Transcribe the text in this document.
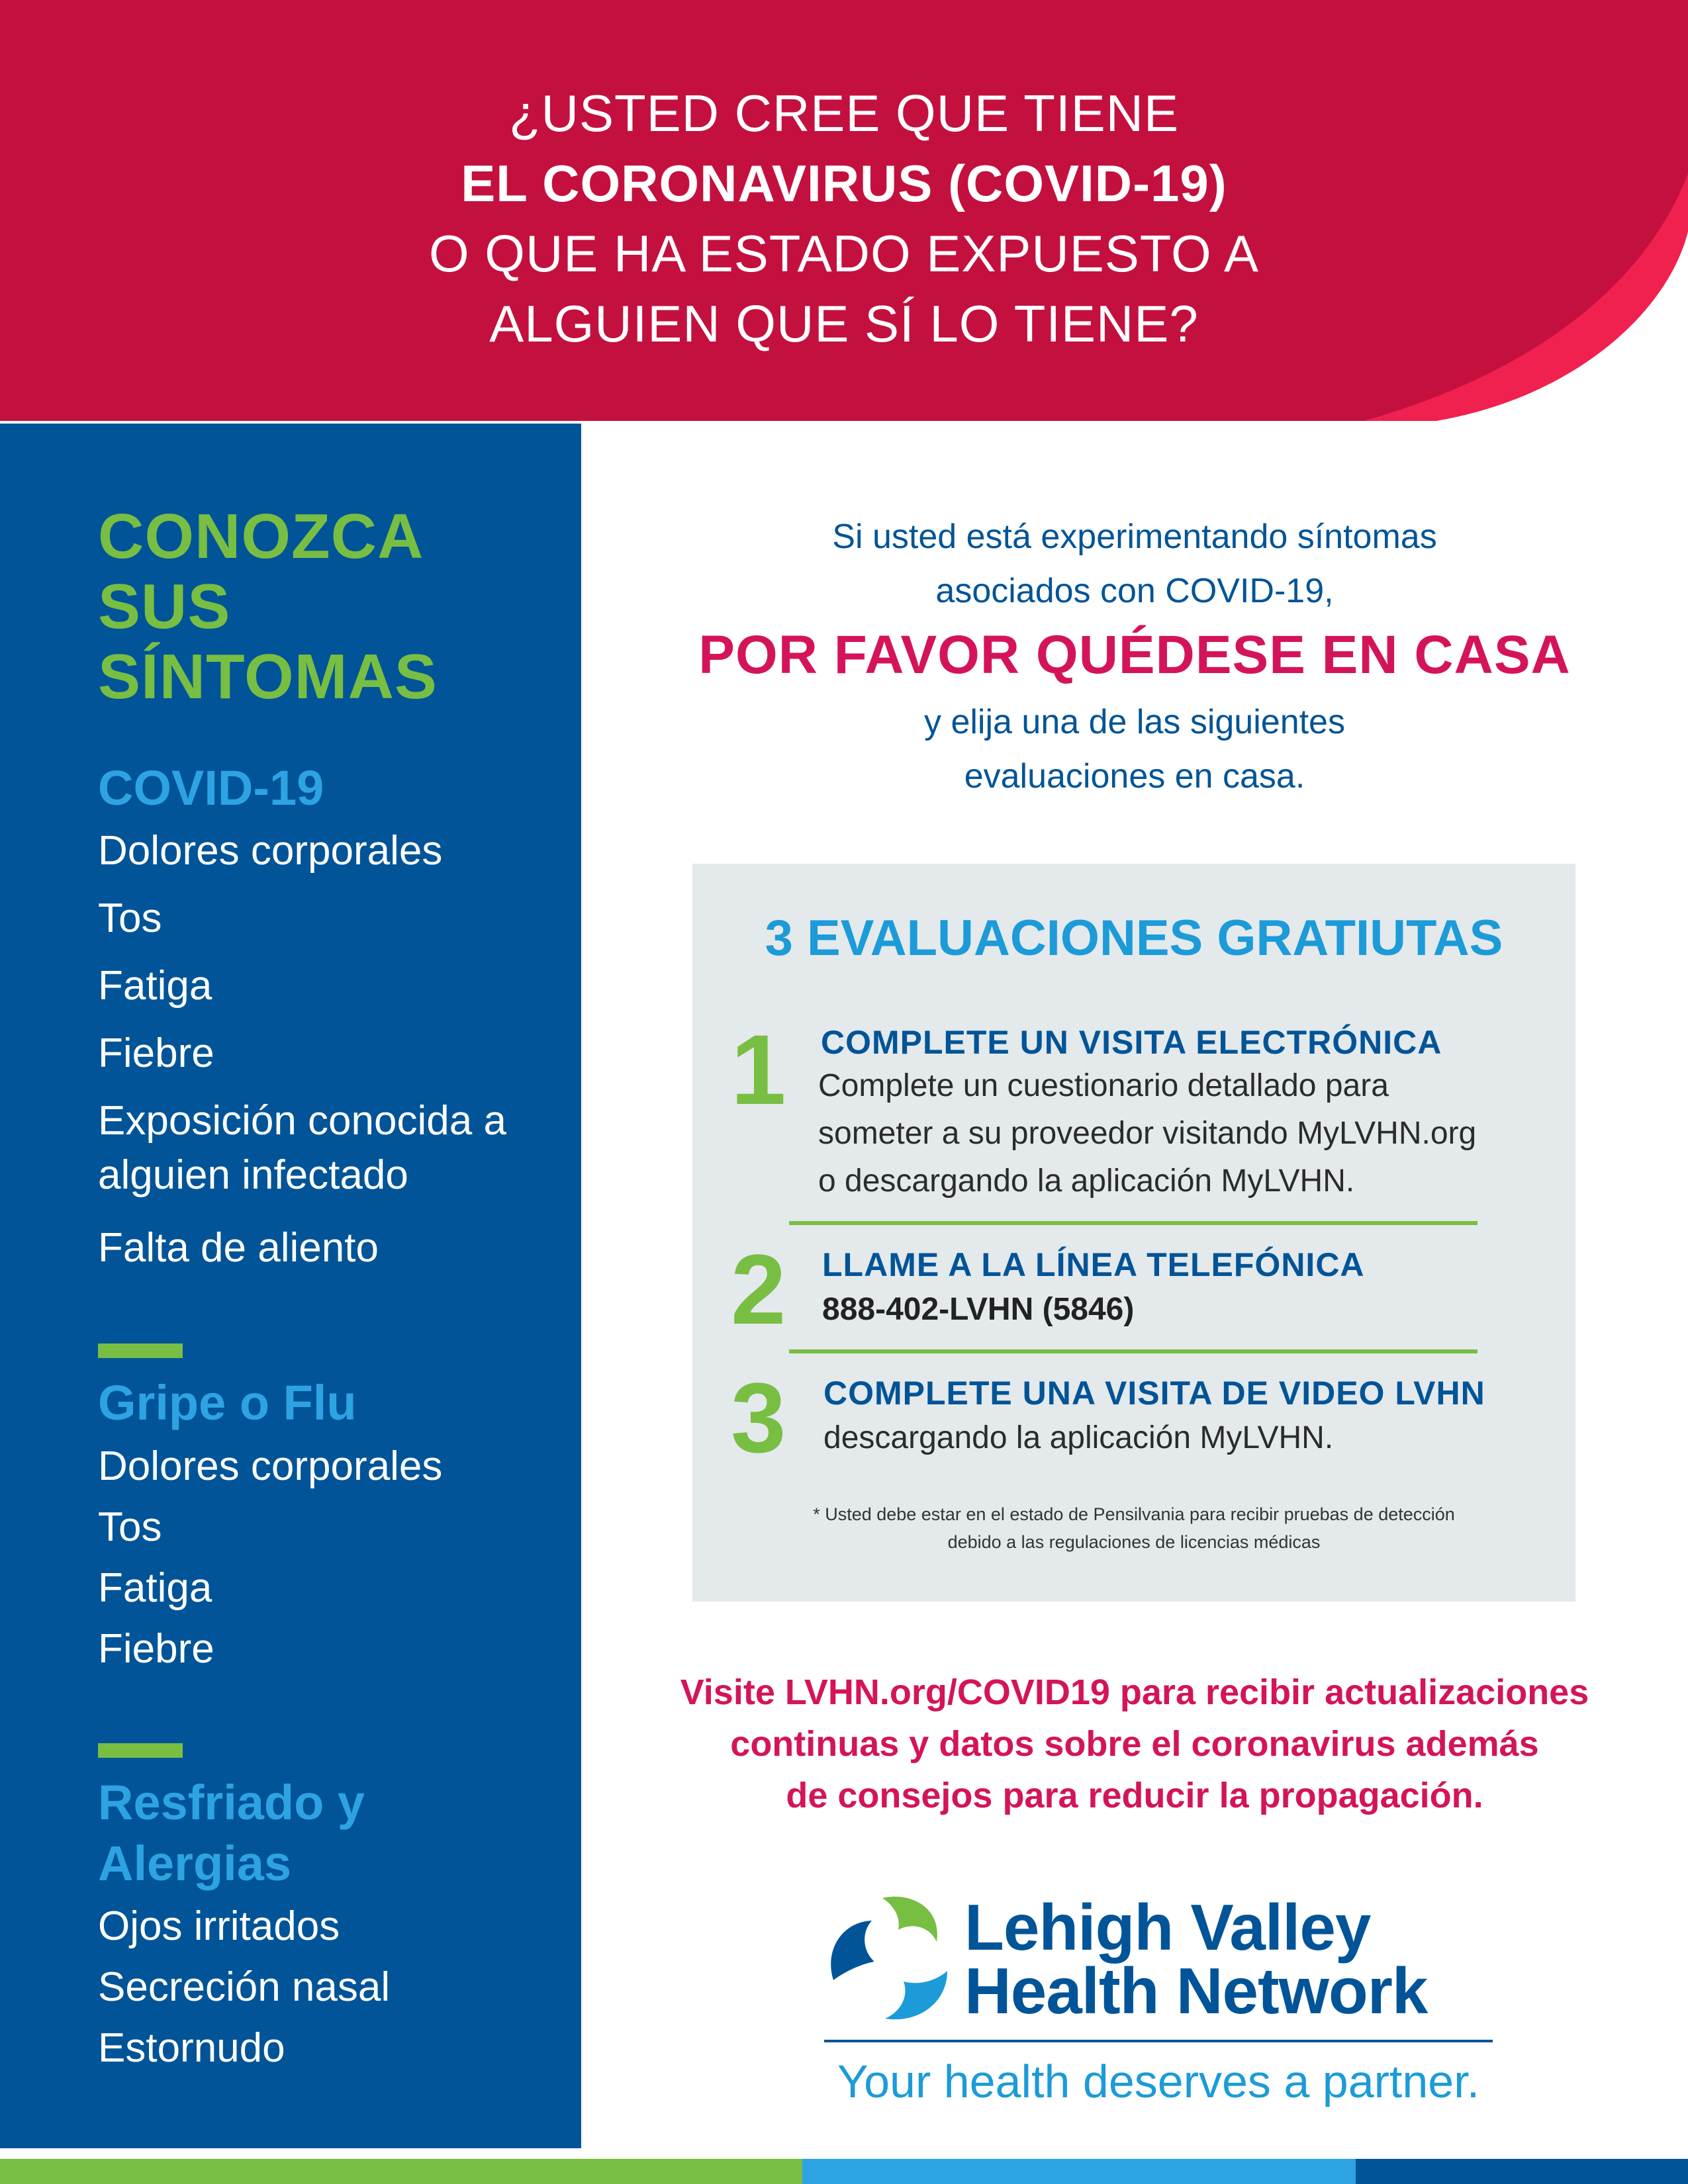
¿USTED CREE QUE TIENE
EL CORONAVIRUS (COVID-19)
O QUE HA ESTADO EXPUESTO A
ALGUIEN QUE SÍ LO TIENE?
CONOZCA
SUS
SÍNTOMAS
COVID-19
Dolores corporales
Tos
Fatiga
Fiebre
Exposición conocida a
alguien infectado
Falta de aliento
Gripe o Flu
Dolores corporales
Tos
Fatiga
Fiebre
Resfriado y
Alergias
Ojos irritados
Secreción nasal
Estornudo
Si usted está experimentando síntomas
asociados con COVID-19,
POR FAVOR QUÉDESE EN CASA
y elija una de las siguientes
evaluaciones en casa.
3 EVALUACIONES GRATIUTAS
1 COMPLETE UN VISITA ELECTRÓNICA
Complete un cuestionario detallado para
someter a su proveedor visitando MyLVHN.org
o descargando la aplicación MyLVHN.
2 LLAME A LA LÍNEA TELEFÓNICA
888-402-LVHN (5846)
3 COMPLETE UNA VISITA DE VIDEO LVHN
descargando la aplicación MyLVHN.
* Usted debe estar en el estado de Pensilvania para recibir pruebas de detección
debido a las regulaciones de licencias médicas
Visite LVHN.org/COVID19 para recibir actualizaciones
continuas y datos sobre el coronavirus además
de consejos para reducir la propagación.
Lehigh Valley
Health Network
Your health deserves a partner.
